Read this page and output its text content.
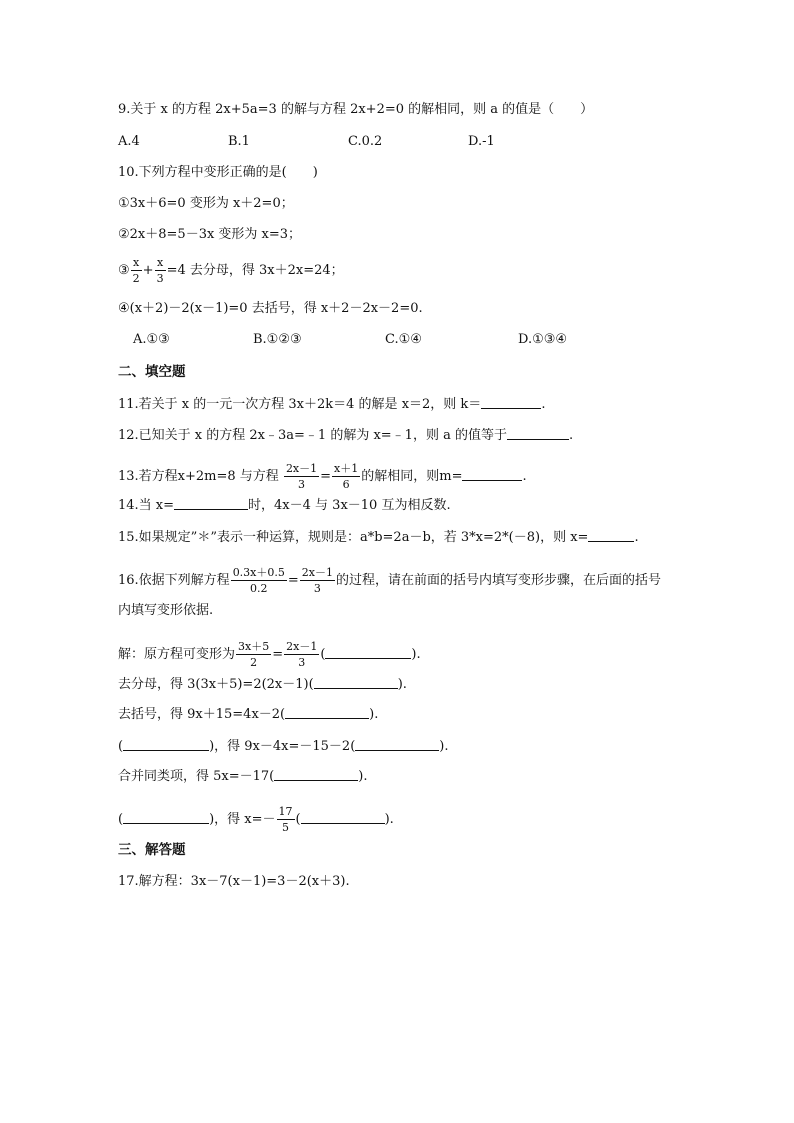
9.关于 x 的方程 2x+5a=3 的解与方程 2x+2=0 的解相同，则 a 的值是（　　）
A.4	B.1	C.0.2	D.-1
10.下列方程中变形正确的是(　　)
①3x＋6=0 变形为 x＋2=0；
②2x＋8=5－3x 变形为 x=3；
③ $\frac{x}{2} + \frac{x}{3} =4$ 去分母，得 3x＋2x=24；
④(x＋2)－2(x－1)=0 去括号，得 x＋2－2x－2=0.
A.①③	B.①②③	C.①④	D.①③④
二、填空题
11.若关于 x 的一元一次方程 3x＋2k＝4 的解是 x＝2，则 k＝	.
12.已知关于 x 的方程 2x﹣3a=﹣1 的解为 x=﹣1，则 a 的值等于	.
13.若方程x+2m=8 与方程 $\frac{2x-1}{3} = \frac{x+1}{6}$ 的解相同，则m=	.
14.当 x=	时，4x－4 与 3x－10 互为相反数.
15.如果规定”＊”表示一种运算，规则是：a*b=2a－b，若 3*x=2*(－8)，则 x=	.
16.依据下列解方程 $\frac{0.3x+0.5}{0.2} = \frac{2x-1}{3}$ 的过程，请在前面的括号内填写变形步骤，在后面的括号
内填写变形依据.
解：原方程可变形为 $\frac{3x+5}{2} = \frac{2x-1}{3}$ (	).
去分母，得 3(3x＋5)=2(2x－1)(	).
去括号，得 9x＋15=4x－2(	).
(	)，得 9x－4x=－15－2(	).
合并同类项，得 5x=－17(	).
(	)，得 $x=- \frac{17}{5}$ (	).
三、解答题
17.解方程：3x－7(x－1)=3－2(x＋3).
